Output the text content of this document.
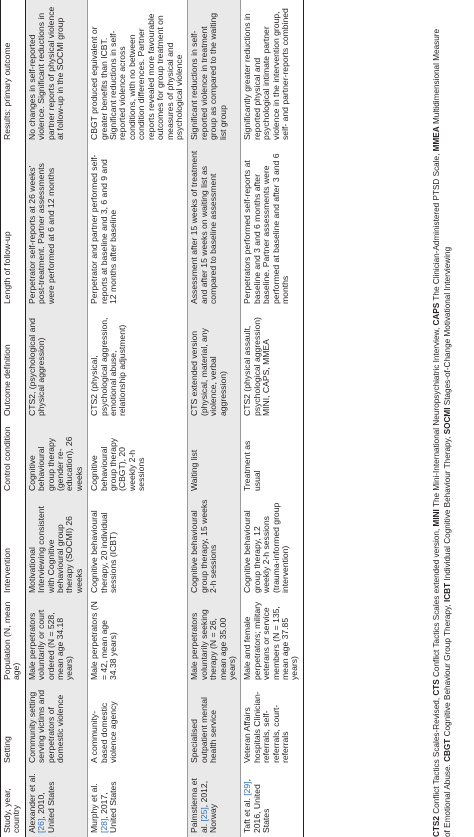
Study, year, country	Setting	Population (N, mean age)	Intervention	Control condition	Outcome definition	Length of follow-up	Results: primary outcome
Alexander et al. [26], 2010, United States	Community setting serving victims and perpetrators of domestic violence	Male perpetrators voluntarily or court ordered (N = 528, mean age 34.18 years)	Motivational Interviewing consistent with Cognitive behavioural group therapy (SOCMI) 26 weeks	Cognitive behavioural group therapy (gender re-education), 26 weeks	CTS2, (psychological and physical aggression)	Perpetrator self-reports at 26 weeks' post-treatment. Partner assessments were performed at 6 and 12 months	No changes in self-reported violence. Significant reductions in partner reports of physical violence at follow-up in the SOCMI group
Murphy et al. [28], 2017, United States	A community-based domestic violence agency	Male perpetrators (N = 42, mean age 34.38 years)	Cognitive behavioural therapy, 20 individual sessions (ICBT)	Cognitive behavioural group therapy (CBGT), 20 weekly 2-h sessions	CTS2 (physical, psychological aggression, emotional abuse, relationship adjustment)	Perpetrator and partner performed self-reports at baseline and 3, 6 and 9 and 12 months after baseline	CBGT produced equivalent or greater benefits than ICBT. Significant reductions in self-reported violence across conditions, with no between condition differences. Partner reports revealed more favourable outcomes for group treatment on measures of physical and psychological violence
Palmstierna et al. [25], 2012, Norway	Specialised outpatient mental health service	Male perpetrators voluntarily seeking therapy (N = 26, mean age 35.00 years)	Cognitive behavioural group therapy, 15 weeks 2-h sessions	Waiting list	CTS extended version (physical, material, any violence, verbal aggression)	Assessment after 15 weeks of treatment and after 15 weeks on waiting list as compared to baseline assessment	Significant reductions in self-reported violence in treatment group as compared to the waiting list group
Taft et al. [29], 2016, United States	Veteran Affairs hospitals Clinician-referrals, self-referrals, court-referrals	Male and female perpetrators; military veterans or service members (N = 135, mean age 37.85 years)	Cognitive behavioural group therapy, 12 weekly 2-h sessions (trauma-informed group intervention)	Treatment as usual	CTS2 (physical assault, psychological aggression) MINI, CAPS, MMEA	Perpetrators performed self-reports at baseline and 3 and 6 months after baseline. Partner assessments were performed at baseline and after 3 and 6 months	Significantly greater reductions in reported physical and psychological intimate partner violence in the intervention group, self- and partner-reports combined
CTS2 Conflict Tactics Scales-Revised, CTS Conflict Tactics Scales extended version, MINI The Mini-International Neuropsychiatric Interview, CAPS The Clinician-Administered PTSD Scale, MMEA Multidimensional Measure
of Emotional Abuse. CBGT Cognitive Behaviour Group Therapy, ICBT Individual Cognitive Behaviour Therapy, SOCMI Stages-of-Change Motivational Interviewing
